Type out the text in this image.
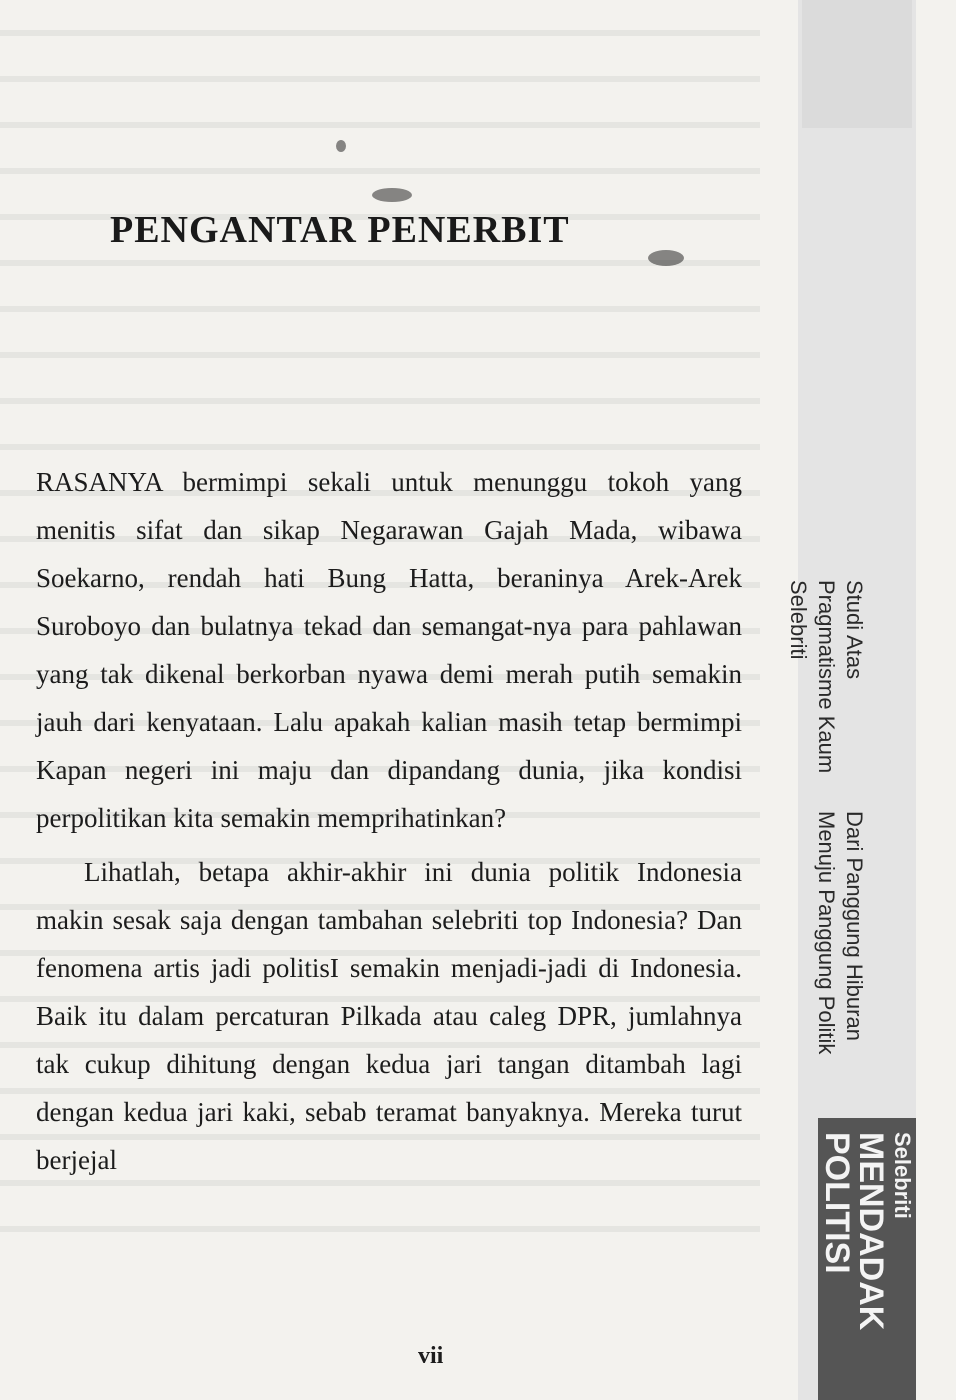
PENGANTAR PENERBIT

RASANYA bermimpi sekali untuk menunggu tokoh yang menitis sifat dan sikap Negarawan Gajah Mada, wibawa Soekarno, rendah hati Bung Hatta, beraninya Arek-Arek Suroboyo dan bulatnya tekad dan semangat-nya para pahlawan yang tak dikenal berkorban nyawa demi merah putih semakin jauh dari kenyataan. Lalu apakah kalian masih tetap bermimpi Kapan negeri ini maju dan dipandang dunia, jika kondisi perpolitikan kita semakin memprihatinkan?

Lihatlah, betapa akhir-akhir ini dunia politik Indonesia makin sesak saja dengan tambahan selebriti top Indonesia? Dan fenomena artis jadi politisI semakin menjadi-jadi di Indonesia. Baik itu dalam percaturan Pilkada atau caleg DPR, jumlahnya tak cukup dihitung dengan kedua jari tangan ditambah lagi dengan kedua jari kaki, sebab teramat banyaknya. Mereka turut berjejal

vii
Studi Atas Pragmatisme Kaum Selebriti
Dari Panggung Hiburan Menuju Panggung Politik
Selebriti MENDADAK POLITISI
